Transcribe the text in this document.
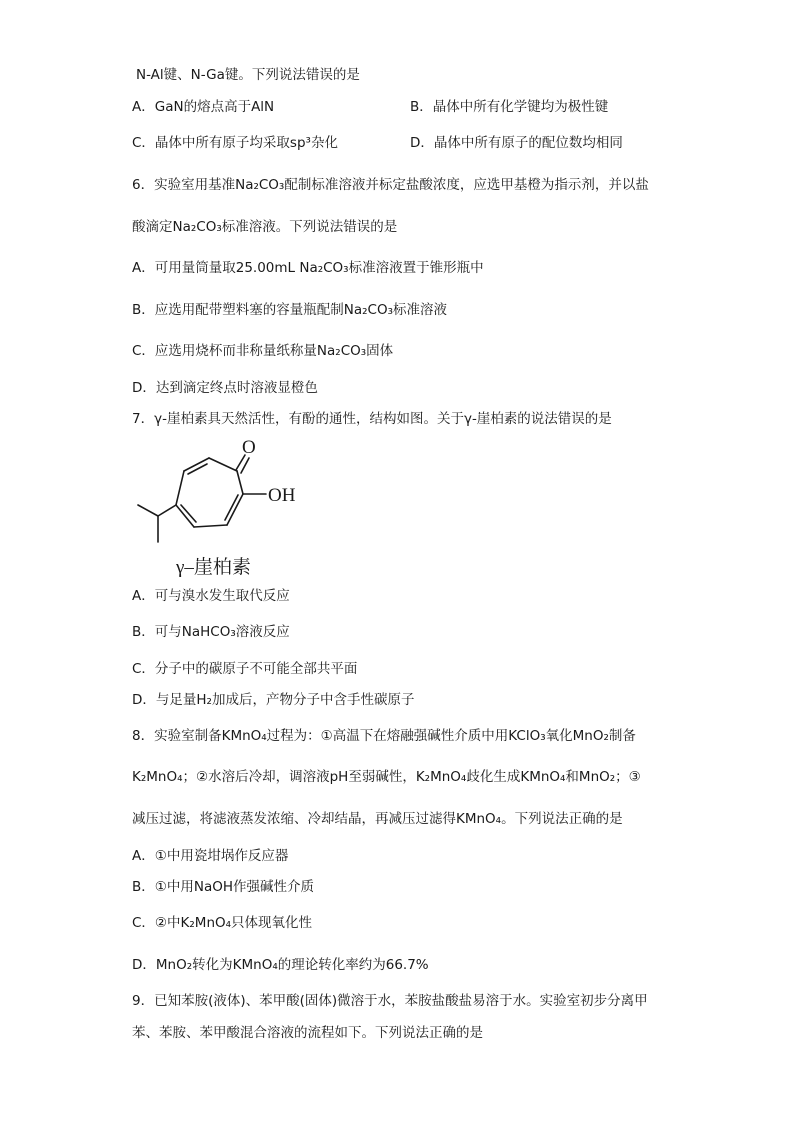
N-Al键、N-Ga键。下列说法错误的是
A．GaN的熔点高于AlN	B．晶体中所有化学键均为极性键
C．晶体中所有原子均采取sp³杂化	D．晶体中所有原子的配位数均相同
6．实验室用基准Na₂CO₃配制标准溶液并标定盐酸浓度，应选甲基橙为指示剂，并以盐
酸滴定Na₂CO₃标准溶液。下列说法错误的是
A．可用量筒量取25.00mL Na₂CO₃标准溶液置于锥形瓶中
B．应选用配带塑料塞的容量瓶配制Na₂CO₃标准溶液
C．应选用烧杯而非称量纸称量Na₂CO₃固体
D．达到滴定终点时溶液显橙色
7．γ-崖柏素具天然活性，有酚的通性，结构如图。关于γ-崖柏素的说法错误的是
O
OH
γ–崖柏素
A．可与溴水发生取代反应
B．可与NaHCO₃溶液反应
C．分子中的碳原子不可能全部共平面
D．与足量H₂加成后，产物分子中含手性碳原子
8．实验室制备KMnO₄过程为：①高温下在熔融强碱性介质中用KClO₃氧化MnO₂制备
K₂MnO₄；②水溶后冷却，调溶液pH至弱碱性，K₂MnO₄歧化生成KMnO₄和MnO₂；③
减压过滤，将滤液蒸发浓缩、冷却结晶，再减压过滤得KMnO₄。下列说法正确的是
A．①中用瓷坩埚作反应器
B．①中用NaOH作强碱性介质
C．②中K₂MnO₄只体现氧化性
D．MnO₂转化为KMnO₄的理论转化率约为66.7%
9．已知苯胺(液体)、苯甲酸(固体)微溶于水，苯胺盐酸盐易溶于水。实验室初步分离甲
苯、苯胺、苯甲酸混合溶液的流程如下。下列说法正确的是
